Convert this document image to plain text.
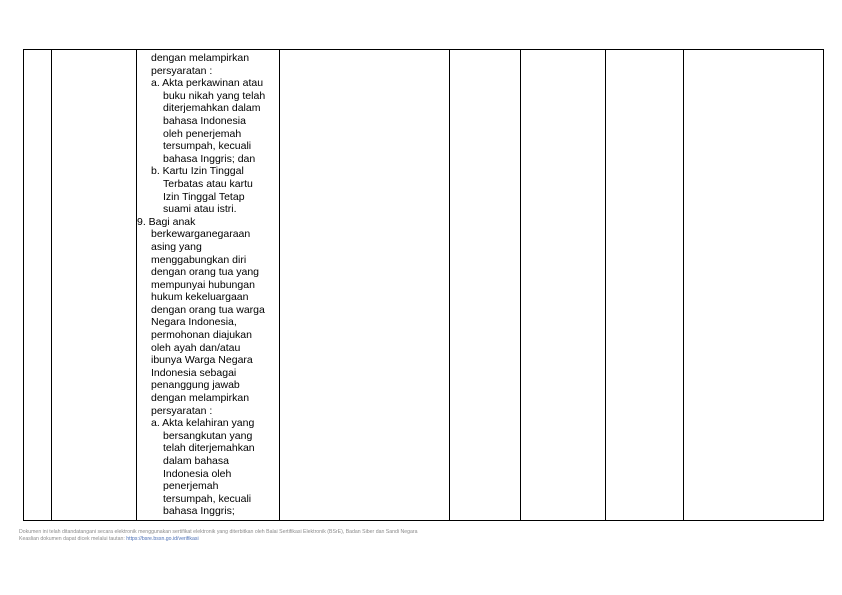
dengan melampirkan
persyaratan :
a. Akta perkawinan atau
buku nikah yang telah
diterjemahkan dalam
bahasa Indonesia
oleh penerjemah
tersumpah, kecuali
bahasa Inggris; dan
b. Kartu Izin Tinggal
Terbatas atau kartu
Izin Tinggal Tetap
suami atau istri.
9. Bagi anak
berkewarganegaraan
asing yang
menggabungkan diri
dengan orang tua yang
mempunyai hubungan
hukum kekeluargaan
dengan orang tua warga
Negara Indonesia,
permohonan diajukan
oleh ayah dan/atau
ibunya Warga Negara
Indonesia sebagai
penanggung jawab
dengan melampirkan
persyaratan :
a. Akta kelahiran yang
bersangkutan yang
telah diterjemahkan
dalam bahasa
Indonesia oleh
penerjemah
tersumpah, kecuali
bahasa Inggris;
Dokumen ini telah ditandatangani secara elektronik menggunakan sertifikat elektronik yang diterbitkan oleh Balai Sertifikasi Elektronik (BSrE), Badan Siber dan Sandi Negara
Keaslian dokumen dapat dicek melalui tautan: https://bsre.bssn.go.id/verifikasi
